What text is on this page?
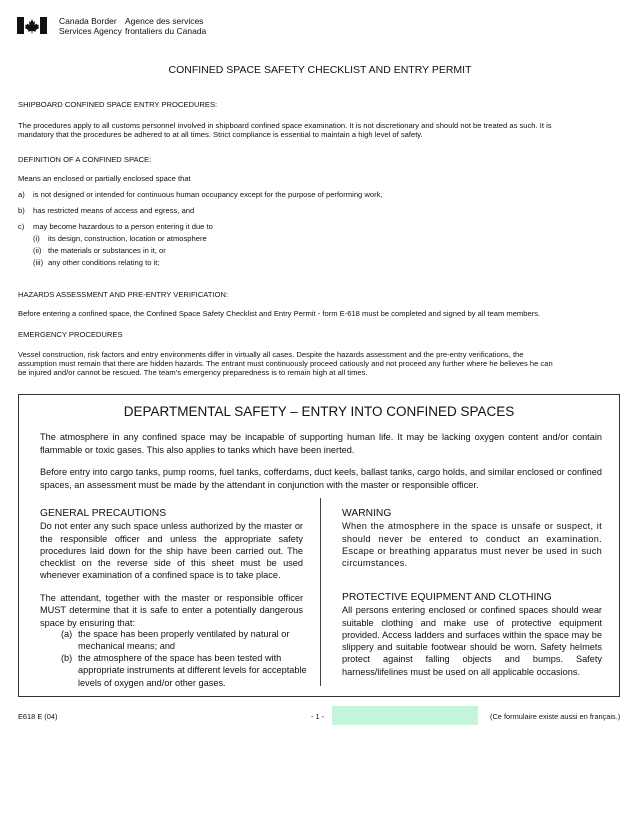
Canada Border
Services Agency
Agence des services
frontaliers du Canada
CONFINED SPACE SAFETY CHECKLIST AND ENTRY PERMIT
SHIPBOARD CONFINED SPACE ENTRY PROCEDURES:
The procedures apply to all customs personnel involved in shipboard confined space examination. It is not discretionary and should not be treated as such. It is
mandatory that the procedures be adhered to at all times. Strict compliance is essential to maintain a high level of safety.
DEFINITION OF A CONFINED SPACE:
Means an enclosed or partially enclosed space that
a) is not designed or intended for continuous human occupancy except for the purpose of performing work,
b) has restricted means of access and egress, and
c) may become hazardous to a person entering it due to
(i) its design, construction, location or atmosphere
(ii) the materials or substances in it, or
(iii) any other conditions relating to it;
HAZARDS ASSESSMENT AND PRE-ENTRY VERIFICATION:
Before entering a confined space, the Confined Space Safety Checklist and Entry Permit - form E-618 must be completed and signed by all team members.
EMERGENCY PROCEDURES
Vessel construction, risk factors and entry environments differ in virtually all cases. Despite the hazards assessment and the pre-entry verifications, the
assumption must remain that there are hidden hazards. The entrant must continuously proceed catiously and not proceed any further where he believes he can
be injured and/or cannot be rescued. The team's emergency preparedness is to remain high at all times.
DEPARTMENTAL SAFETY – ENTRY INTO CONFINED SPACES
The atmosphere in any confined space may be incapable of supporting human life. It may be lacking oxygen content and/or contain flammable or toxic gases. This also applies to tanks which have been inerted.
Before entry into cargo tanks, pump rooms, fuel tanks, cofferdams, duct keels, ballast tanks, cargo holds, and similar enclosed or confined spaces, an assessment must be made by the attendant in conjunction with the master or responsible officer.
GENERAL PRECAUTIONS
Do not enter any such space unless authorized by the master or the responsible officer and unless the appropriate safety procedures laid down for the ship have been carried out. The checklist on the reverse side of this sheet must be used whenever examination of a confined space is to take place.
The attendant, together with the master or responsible officer MUST determine that it is safe to enter a potentially dangerous space by ensuring that:
(a) the space has been properly ventilated by natural or mechanical means; and
(b) the atmosphere of the space has been tested with appropriate instruments at different levels for acceptable levels of oxygen and/or other gases.
WARNING
When the atmosphere in the space is unsafe or suspect, it should never be entered to conduct an examination. Escape or breathing apparatus must never be used in such circumstances.
PROTECTIVE EQUIPMENT AND CLOTHING
All persons entering enclosed or confined spaces should wear suitable clothing and make use of protective equipment provided. Access ladders and surfaces within the space may be slippery and suitable footwear should be worn. Safety helmets protect against falling objects and bumps. Safety harness/lifelines must be used on all applicable occasions.
E618 E (04)	- 1 -	(Ce formulaire existe aussi en français.)
